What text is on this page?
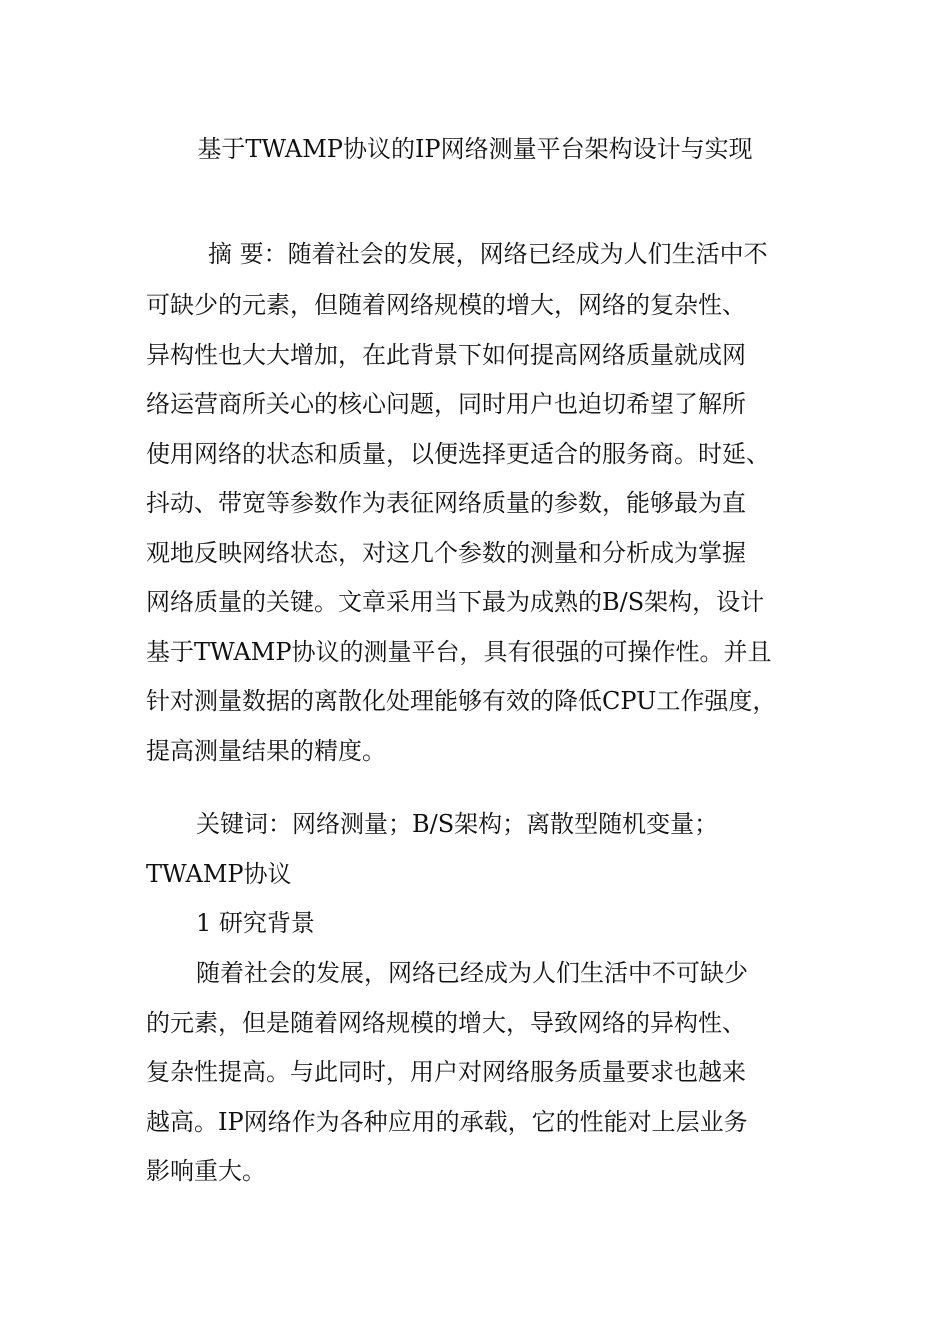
基于TWAMP协议的IP网络测量平台架构设计与实现
摘 要：随着社会的发展，网络已经成为人们生活中不
可缺少的元素，但随着网络规模的增大，网络的复杂性、
异构性也大大增加，在此背景下如何提高网络质量就成网
络运营商所关心的核心问题，同时用户也迫切希望了解所
使用网络的状态和质量，以便选择更适合的服务商。时延、
抖动、带宽等参数作为表征网络质量的参数，能够最为直
观地反映网络状态，对这几个参数的测量和分析成为掌握
网络质量的关键。文章采用当下最为成熟的B/S架构，设计
基于TWAMP协议的测量平台，具有很强的可操作性。并且
针对测量数据的离散化处理能够有效的降低CPU工作强度，
提高测量结果的精度。
关键词：网络测量；B/S架构；离散型随机变量；
TWAMP协议
1 研究背景
随着社会的发展，网络已经成为人们生活中不可缺少
的元素，但是随着网络规模的增大，导致网络的异构性、
复杂性提高。与此同时，用户对网络服务质量要求也越来
越高。IP网络作为各种应用的承载，它的性能对上层业务
影响重大。
